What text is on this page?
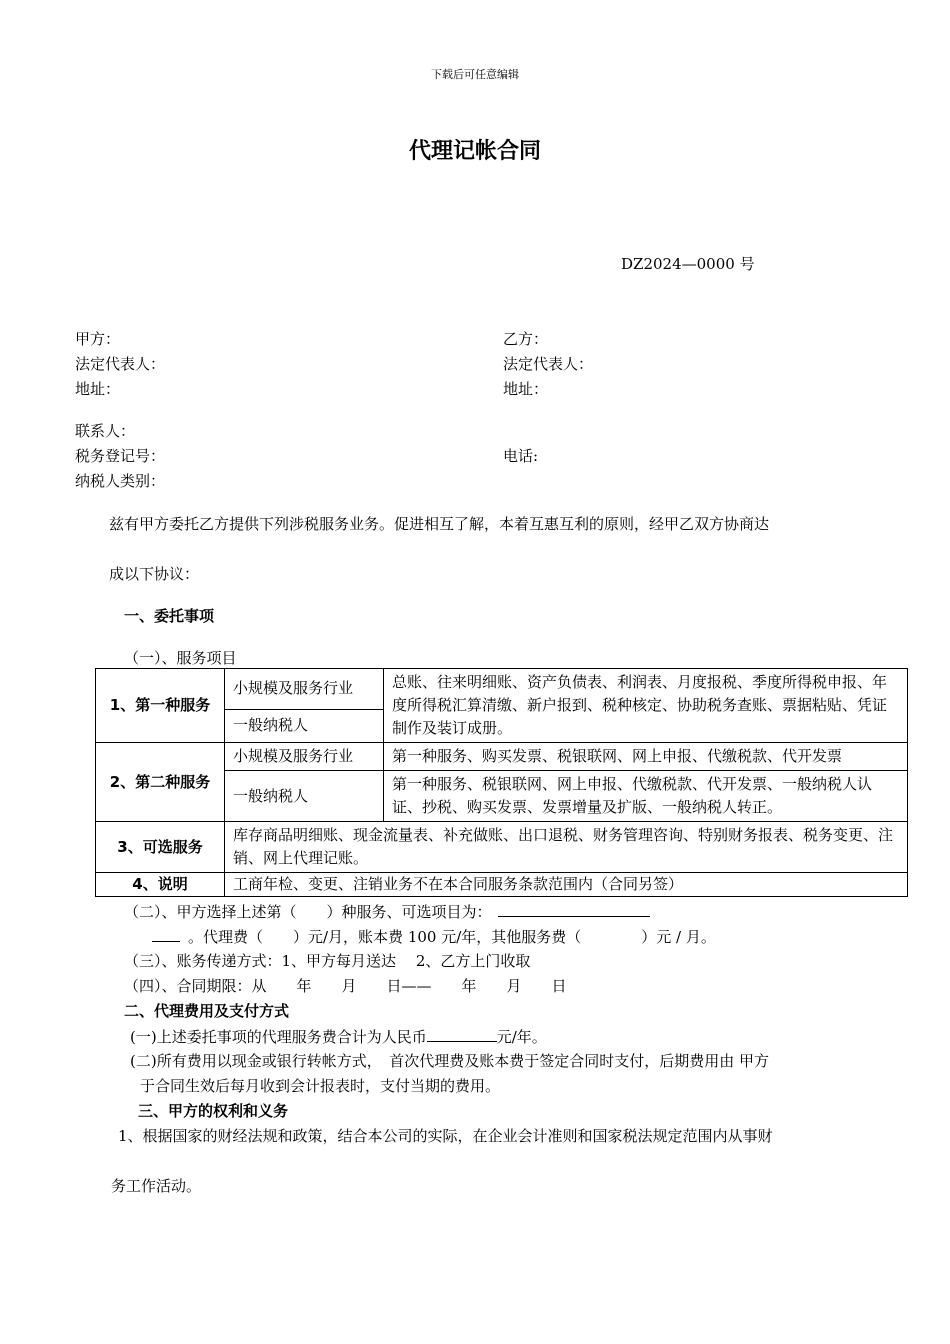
下载后可任意编辑
代理记帐合同
DZ2024—0000 号
甲方：
法定代表人：
地址：
联系人：
税务登记号：
纳税人类别：
乙方：
法定代表人：
地址：
电话:
兹有甲方委托乙方提供下列涉税服务业务。促进相互了解，本着互惠互利的原则，经甲乙双方协商达
成以下协议：
一、委托事项
（一）、服务项目
1、第一种服务	小规模及服务行业	总账、往来明细账、资产负债表、利润表、月度报税、季度所得税申报、年度所得税汇算清缴、新户报到、税种核定、协助税务查账、票据粘贴、凭证制作及装订成册。
	一般纳税人	
2、第二种服务	小规模及服务行业	第一种服务、购买发票、税银联网、网上申报、代缴税款、代开发票
	一般纳税人	第一种服务、税银联网、网上申报、代缴税款、代开发票、一般纳税人认证、抄税、购买发票、发票增量及扩版、一般纳税人转正。
3、可选服务	库存商品明细账、现金流量表、补充做账、出口退税、财务管理咨询、特别财务报表、税务变更、注销、网上代理记账。	
4、说明	工商年检、变更、注销业务不在本合同服务条款范围内（合同另签）	
（二）、甲方选择上述第（　　）种服务、可选项目为：
。代理费（　　）元/月，账本费 100 元/年，其他服务费（　　　　）元 / 月。
（三）、账务传递方式：1、甲方每月送达　 2、乙方上门收取
（四）、合同期限：从　　年　　月　　日——　　年　　月　　日
二、代理费用及支付方式
(一)上述委托事项的代理服务费合计为人民币	元/年。
(二)所有费用以现金或银行转帐方式，　首次代理费及账本费于签定合同时支付，后期费用由 甲方
于合同生效后每月收到会计报表时，支付当期的费用。
三、甲方的权利和义务
1、根据国家的财经法规和政策，结合本公司的实际，在企业会计准则和国家税法规定范围内从事财
务工作活动。
